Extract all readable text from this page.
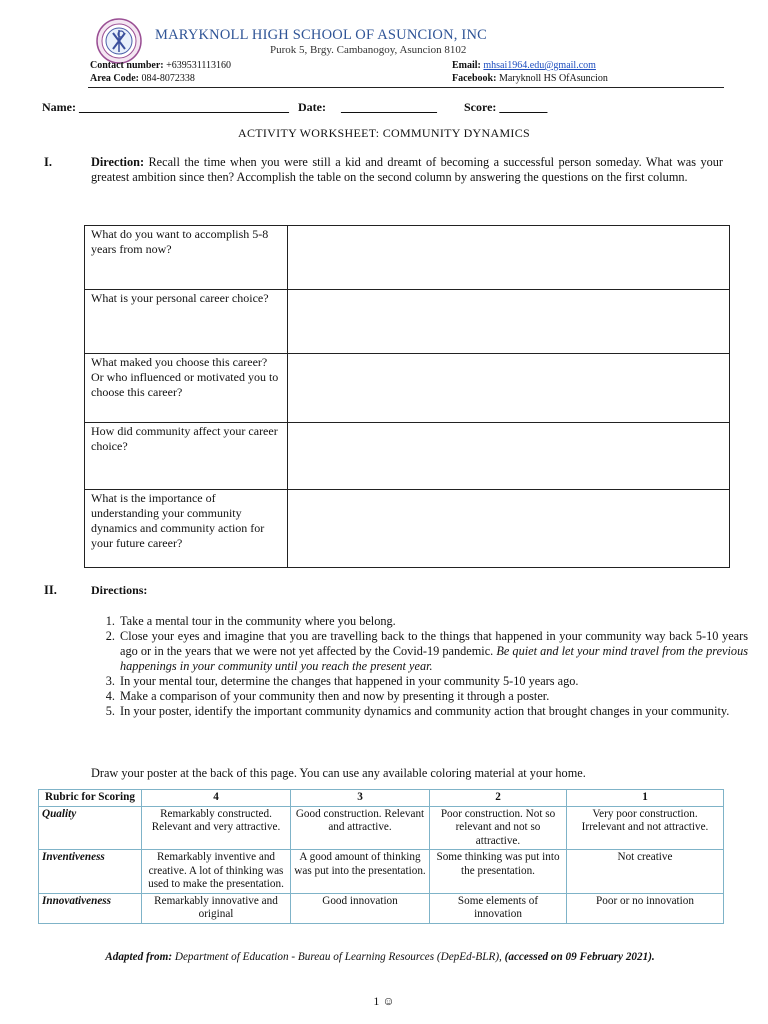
MARYKNOLL HIGH SCHOOL OF ASUNCION, INC
Purok 5, Brgy. Cambanogoy, Asuncion 8102
Contact number: +639531113160
Area Code: 084-8072338
Email: mhsai1964.edu@gmail.com
Facebook: Maryknoll HS OfAsuncion
Name: ___________________________________ Date: ________________ Score: ________
ACTIVITY WORKSHEET: COMMUNITY DYNAMICS
I.	Direction: Recall the time when you were still a kid and dreamt of becoming a successful person someday. What was your greatest ambition since then? Accomplish the table on the second column by answering the questions on the first column.
What do you want to accomplish 5-8 years from now?	
What is your personal career choice?	
What maked you choose this career? Or who influenced or motivated you to choose this career?	
How did community affect your career choice?	
What is the importance of understanding your community dynamics and community action for your future career?	
II.	Directions:
1. Take a mental tour in the community where you belong.
2. Close your eyes and imagine that you are travelling back to the things that happened in your community way back 5-10 years ago or in the years that we were not yet affected by the Covid-19 pandemic. Be quiet and let your mind travel from the previous happenings in your community until you reach the present year.
3. In your mental tour, determine the changes that happened in your community 5-10 years ago.
4. Make a comparison of your community then and now by presenting it through a poster.
5. In your poster, identify the important community dynamics and community action that brought changes in your community.
Draw your poster at the back of this page. You can use any available coloring material at your home.
Rubric for Scoring	4	3	2	1
Quality	Remarkably constructed. Relevant and very attractive.	Good construction. Relevant and attractive.	Poor construction. Not so relevant and not so attractive.	Very poor construction. Irrelevant and not attractive.
Inventiveness	Remarkably inventive and creative. A lot of thinking was used to make the presentation.	A good amount of thinking was put into the presentation.	Some thinking was put into the presentation.	Not creative
Innovativeness	Remarkably innovative and original	Good innovation	Some elements of innovation	Poor or no innovation
Adapted from: Department of Education - Bureau of Learning Resources (DepEd-BLR), (accessed on 09 February 2021).
1 ☺
